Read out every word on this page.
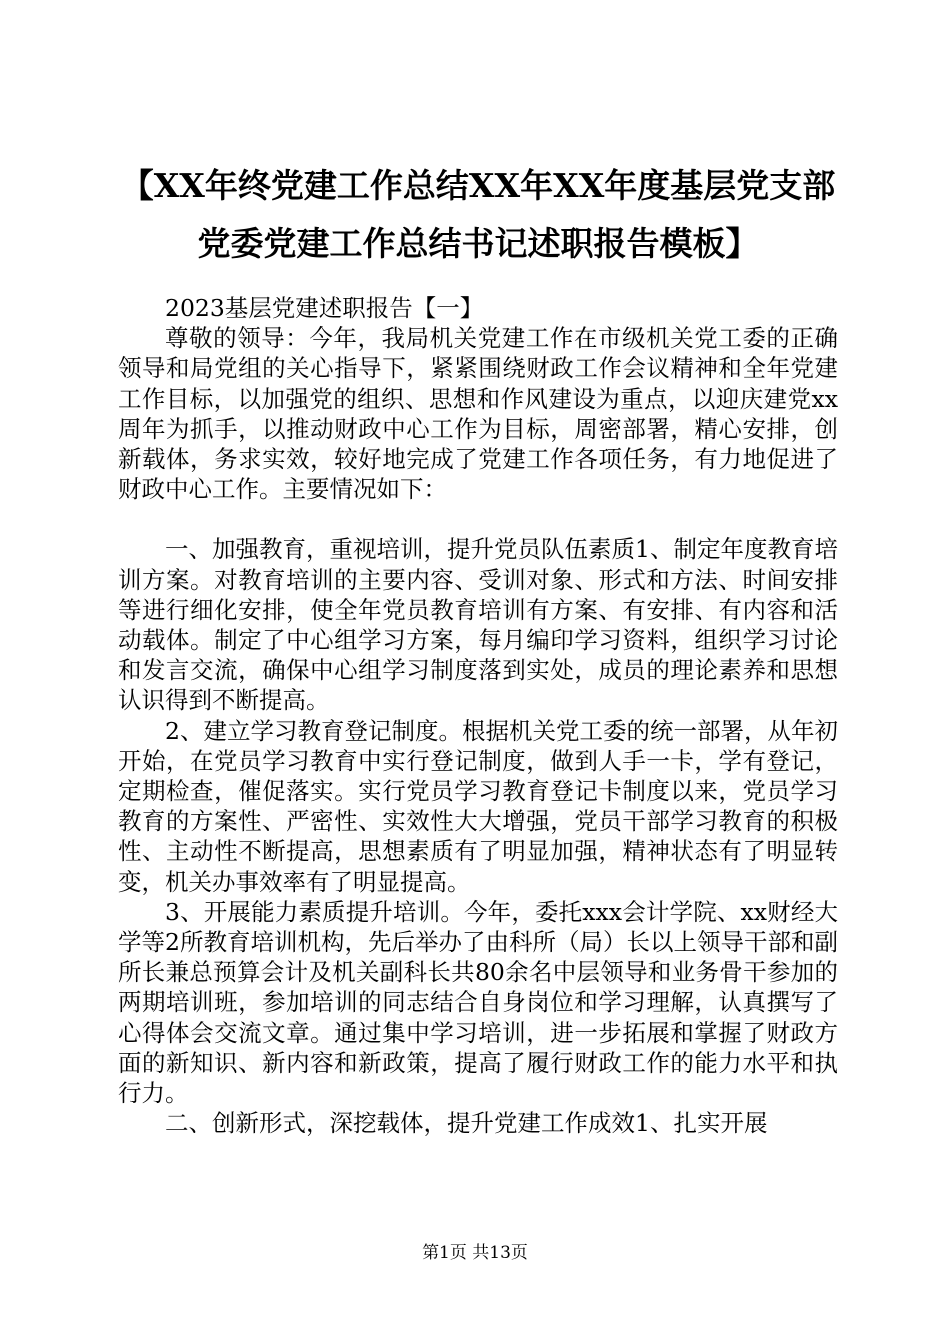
【XX年终党建工作总结XX年XX年度基层党支部党委党建工作总结书记述职报告模板】

2023基层党建述职报告【一】

尊敬的领导：今年，我局机关党建工作在市级机关党工委的正确领导和局党组的关心指导下，紧紧围绕财政工作会议精神和全年党建工作目标，以加强党的组织、思想和作风建设为重点，以迎庆建党xx周年为抓手，以推动财政中心工作为目标，周密部署，精心安排，创新载体，务求实效，较好地完成了党建工作各项任务，有力地促进了财政中心工作。主要情况如下：

一、加强教育，重视培训，提升党员队伍素质1、制定年度教育培训方案。对教育培训的主要内容、受训对象、形式和方法、时间安排等进行细化安排，使全年党员教育培训有方案、有安排、有内容和活动载体。制定了中心组学习方案，每月编印学习资料，组织学习讨论和发言交流，确保中心组学习制度落到实处，成员的理论素养和思想认识得到不断提高。

2、建立学习教育登记制度。根据机关党工委的统一部署，从年初开始，在党员学习教育中实行登记制度，做到人手一卡，学有登记，定期检查，催促落实。实行党员学习教育登记卡制度以来，党员学习教育的方案性、严密性、实效性大大增强，党员干部学习教育的积极性、主动性不断提高，思想素质有了明显加强，精神状态有了明显转变，机关办事效率有了明显提高。

3、开展能力素质提升培训。今年，委托xxx会计学院、xx财经大学等2所教育培训机构，先后举办了由科所（局）长以上领导干部和副所长兼总预算会计及机关副科长共80余名中层领导和业务骨干参加的两期培训班，参加培训的同志结合自身岗位和学习理解，认真撰写了心得体会交流文章。通过集中学习培训，进一步拓展和掌握了财政方面的新知识、新内容和新政策，提高了履行财政工作的能力水平和执行力。

二、创新形式，深挖载体，提升党建工作成效1、扎实开展

第1页 共13页
